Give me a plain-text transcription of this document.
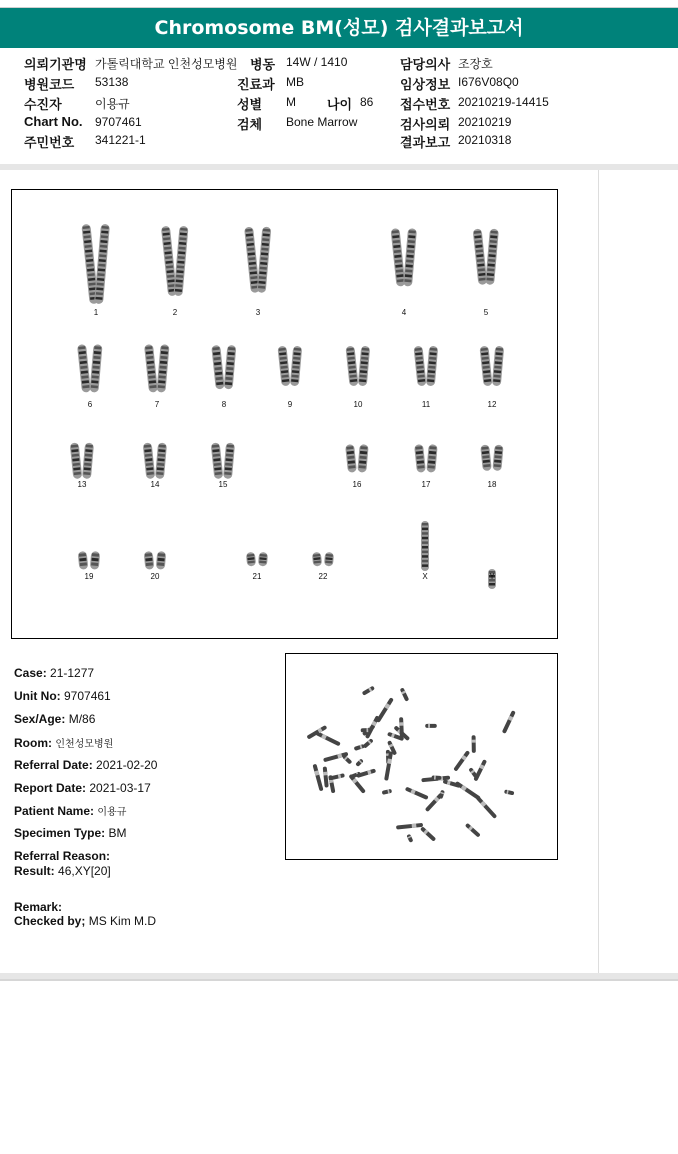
Chromosome BM(성모) 검사결과보고서
의뢰기관명 가톨릭대학교 인천성모병원 병동 14W / 1410	담당의사 조장호
병원코드 53138	진료과 MB	임상정보 I676V08Q0
수진자	이용규	성별 M 나이 86 접수번호 20210219-14415
Chart No. 9707461	검체 Bone Marrow	검사의뢰 20210219
주민번호 341221-1	결과보고 20210318
1	2	3	4	5
6	7	8	9	10	11	12
13	14	15	16	17	18
19	20	21	22	X	Y
Case: 21-1277
Unit No: 9707461
Sex/Age: M/86
Room: 인천성모병원
Referral Date: 2021-02-20
Report Date: 2021-03-17
Patient Name: 이용규
Specimen Type: BM
Referral Reason:
Result: 46,XY[20]
Remark:
Checked by; MS Kim M.D
